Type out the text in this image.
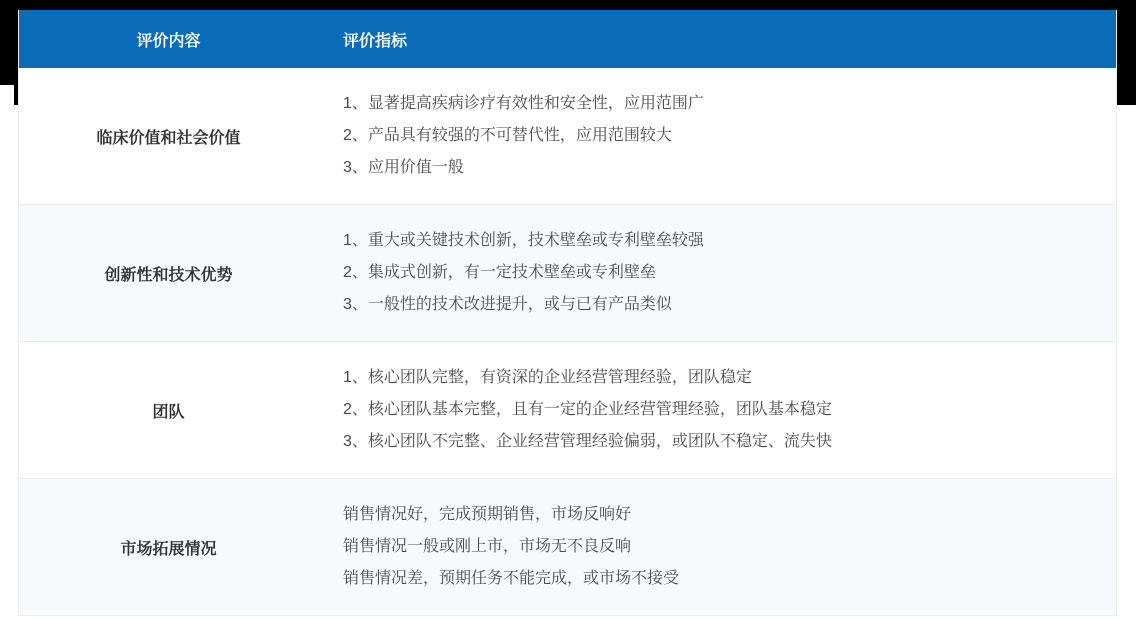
评价内容	评价指标
临床价值和社会价值
1、显著提高疾病诊疗有效性和安全性，应用范围广
2、产品具有较强的不可替代性，应用范围较大
3、应用价值一般
创新性和技术优势
1、重大或关键技术创新，技术壁垒或专利壁垒较强
2、集成式创新，有一定技术壁垒或专利壁垒
3、一般性的技术改进提升，或与已有产品类似
团队
1、核心团队完整，有资深的企业经营管理经验，团队稳定
2、核心团队基本完整，且有一定的企业经营管理经验，团队基本稳定
3、核心团队不完整、企业经营管理经验偏弱，或团队不稳定、流失快
市场拓展情况
销售情况好，完成预期销售，市场反响好
销售情况一般或刚上市，市场无不良反响
销售情况差，预期任务不能完成，或市场不接受
